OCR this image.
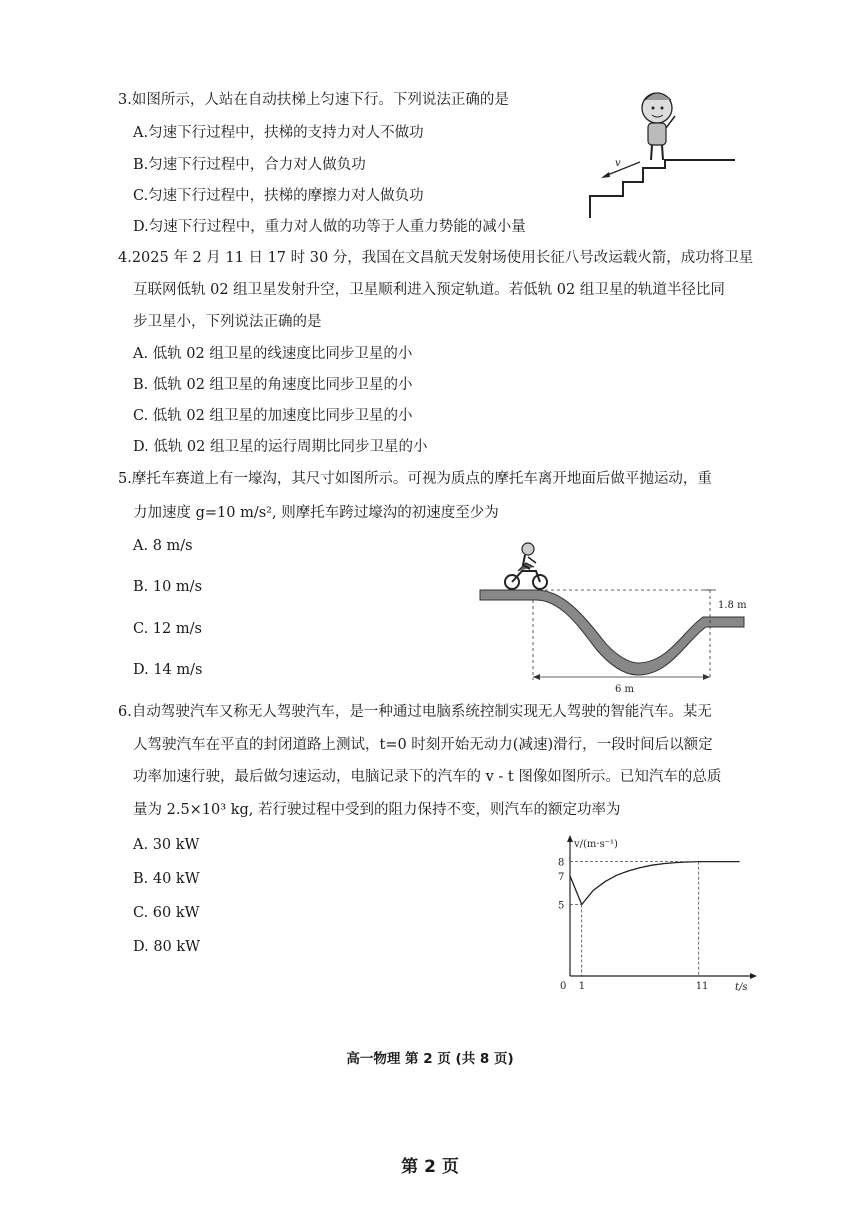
3.如图所示，人站在自动扶梯上匀速下行。下列说法正确的是
A.匀速下行过程中，扶梯的支持力对人不做功
B.匀速下行过程中，合力对人做负功
C.匀速下行过程中，扶梯的摩擦力对人做负功
D.匀速下行过程中，重力对人做的功等于人重力势能的减小量
v
4.2025 年 2 月 11 日 17 时 30 分，我国在文昌航天发射场使用长征八号改运载火箭，成功将卫星
互联网低轨 02 组卫星发射升空，卫星顺利进入预定轨道。若低轨 02 组卫星的轨道半径比同
步卫星小，下列说法正确的是
A. 低轨 02 组卫星的线速度比同步卫星的小
B. 低轨 02 组卫星的角速度比同步卫星的小
C. 低轨 02 组卫星的加速度比同步卫星的小
D. 低轨 02 组卫星的运行周期比同步卫星的小
5.摩托车赛道上有一壕沟，其尺寸如图所示。可视为质点的摩托车离开地面后做平抛运动，重
力加速度 g=10 m/s², 则摩托车跨过壕沟的初速度至少为
A. 8 m/s
B. 10 m/s
C. 12 m/s
D. 14 m/s
1.8 m
6 m
6.自动驾驶汽车又称无人驾驶汽车，是一种通过电脑系统控制实现无人驾驶的智能汽车。某无
人驾驶汽车在平直的封闭道路上测试，t=0 时刻开始无动力(减速)滑行，一段时间后以额定
功率加速行驶，最后做匀速运动，电脑记录下的汽车的 v - t 图像如图所示。已知汽车的总质
量为 2.5×10³ kg, 若行驶过程中受到的阻力保持不变，则汽车的额定功率为
A. 30 kW
B. 40 kW
C. 60 kW
D. 80 kW
v/(m·s⁻¹)
t/s
0 1	11
5
7
8
高一物理 第 2 页 (共 8 页)
第 2 页
